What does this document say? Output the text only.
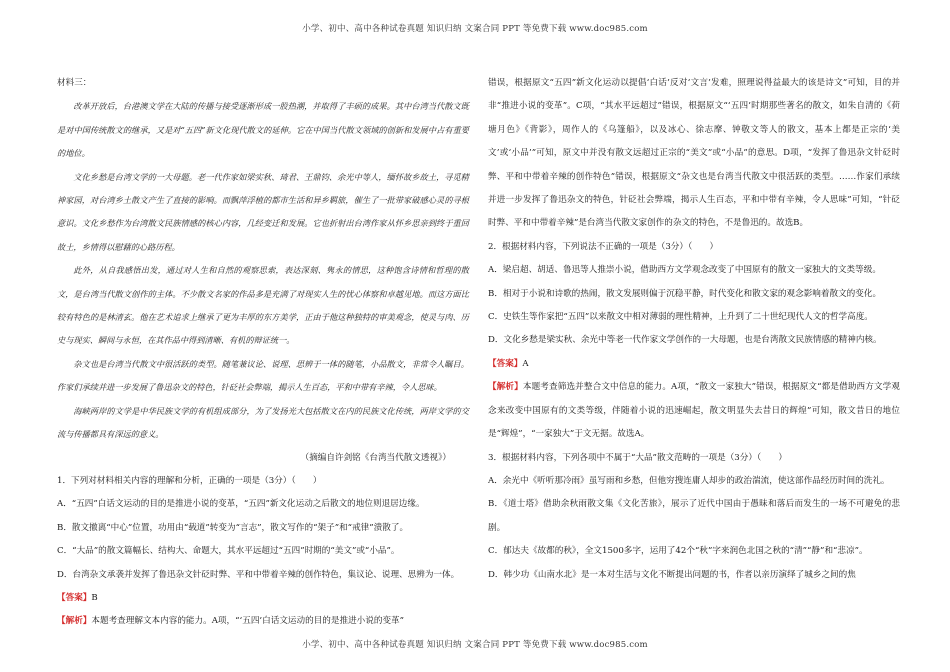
小学、初中、高中各种试卷真题 知识归纳 文案合同 PPT 等免费下载 www.doc985.com

材料三：

改革开放后，台港澳文学在大陆的传播与接受逐渐形成一股热潮，并取得了丰硕的成果。其中台湾当代散文既是对中国传统散文的继承，又是对“五四”新文化现代散文的延伸。它在中国当代散文领域的创新和发展中占有重要的地位。

文化乡愁是台湾文学的一大母题。老一代作家如梁实秋、琦君、王鼎钧、余光中等人，缅怀故乡故土，寻觅精神家园，对台湾乡土散文产生了直接的影响。而飘萍浮植的都市生活和异乡羁旅，催生了一批带家破感心灵的寻根意识。文化乡愁作为台湾散文民族情感的核心内容，几经变迁和发展。它也折射出台湾作家从怀乡思亲到终于重回故土，乡情得以慰藉的心路历程。

此外，从自我感悟出发，通过对人生和自然的观察思索，表达深刻、隽永的情思，这种饱含诗情和哲理的散文，是台湾当代散文创作的主体。不少散文名家的作品多是充满了对现实人生的忧心体察和卓越见地。而这方面比较有特色的是林清玄。他在艺术追求上继承了更为丰厚的东方美学，正由于他这种独特的审美观念，使灵与肉、历史与现实、瞬间与永恒，在其作品中得到清晰、有机的辩证统一。

杂文也是台湾当代散文中很活跃的类型。随笔兼议论、说理、思辨于一体的随笔，小品散文，非常令人瞩目。作家们承续并进一步发展了鲁迅杂文的特色，针砭社会弊端，揭示人生百态，平和中带有辛辣，令人思味。

海峡两岸的文学是中华民族文学的有机组成部分，为了发扬光大包括散文在内的民族文化传统，两岸文学的交流与传播都具有深远的意义。

（摘编自许剑铭《台湾当代散文透视》）

1．下列对材料相关内容的理解和分析，正确的一项是（3分）（　　）

A．“五四”白话文运动的目的是推进小说的变革，“五四”新文化运动之后散文的地位则退居边缘。

B．散文撤离“中心”位置，功用由“载道”转变为“言志”，散文写作的“架子”和“戒律”溃散了。

C．“大品”的散文篇幅长、结构大、命题大，其水平远超过“五四”时期的“美文”或“小品”。

D．台湾杂文承袭并发挥了鲁迅杂文针砭时弊、平和中带着辛辣的创作特色，集议论、说理、思辨为一体。

【答案】B

【解析】本题考查理解文本内容的能力。A项，“‘五四’白话文运动的目的是推进小说的变革”

错误，根据原文“五四”新文化运动以提倡‘白话’反对‘文言’发难，照理说得益最大的该是诗文”可知，目的并非“推进小说的变革”。C项，“其水平远超过”错误，根据原文“‘五四’时期那些著名的散文，如朱自清的《荷塘月色》《背影》，周作人的《乌篷船》，以及冰心、徐志摩、钟敬文等人的散文，基本上都是正宗的‘美文’或‘小品’”可知，原文中并没有散文远超过正宗的“美文”或“小品”的意思。D项，“发挥了鲁迅杂文针砭时弊、平和中带着辛辣的创作特色”错误，根据原文“杂文也是台湾当代散文中很活跃的类型。……作家们承续并进一步发挥了鲁迅杂文的特色，针砭社会弊端，揭示人生百态，平和中带有辛辣，令人思味”可知，“针砭时弊、平和中带着辛辣”是台湾当代散文家创作的杂文的特色，不是鲁迅的。故选B。

2．根据材料内容，下列说法不正确的一项是（3分）（　　）

A．梁启超、胡适、鲁迅等人推崇小说，借助西方文学观念改变了中国原有的散文一家独大的文类等级。

B．相对于小说和诗歌的热闹，散文发展则偏于沉稳平静，时代变化和散文家的观念影响着散文的变化。

C．史铁生等作家把“五四”以来散文中相对薄弱的理性精神，上升到了二十世纪现代人文的哲学高度。

D．文化乡愁是梁实秋、余光中等老一代作家文学创作的一大母题，也是台湾散文民族情感的精神内核。

【答案】A

【解析】本题考查筛选并整合文中信息的能力。A项，“散文一家独大”错误，根据原文“都是借助西方文学观念来改变中国原有的文类等级，伴随着小说的迅速崛起，散文明显失去昔日的辉煌”可知，散文昔日的地位是“辉煌”，“一家独大”于文无据。故选A。

3．根据材料内容，下列各项中不属于“大品”散文范畴的一项是（3分）（　　）

A．余光中《听听那冷雨》虽写雨和乡愁，但他穷搜连庸人却步的政治湍流，使这部作品经历时间的洗礼。

B．《道士塔》借助余秋雨散文集《文化苦旅》，展示了近代中国由于愚昧和落后而发生的一场不可避免的悲剧。

C．郁达夫《故都的秋》，全文1500多字，运用了42个“秋”字来润色北国之秋的“清”“静”和“悲凉”。

D．韩少功《山南水北》是一本对生活与文化不断提出问题的书，作者以亲历演绎了城乡之间的焦

小学、初中、高中各种试卷真题 知识归纳 文案合同 PPT 等免费下载 www.doc985.com
